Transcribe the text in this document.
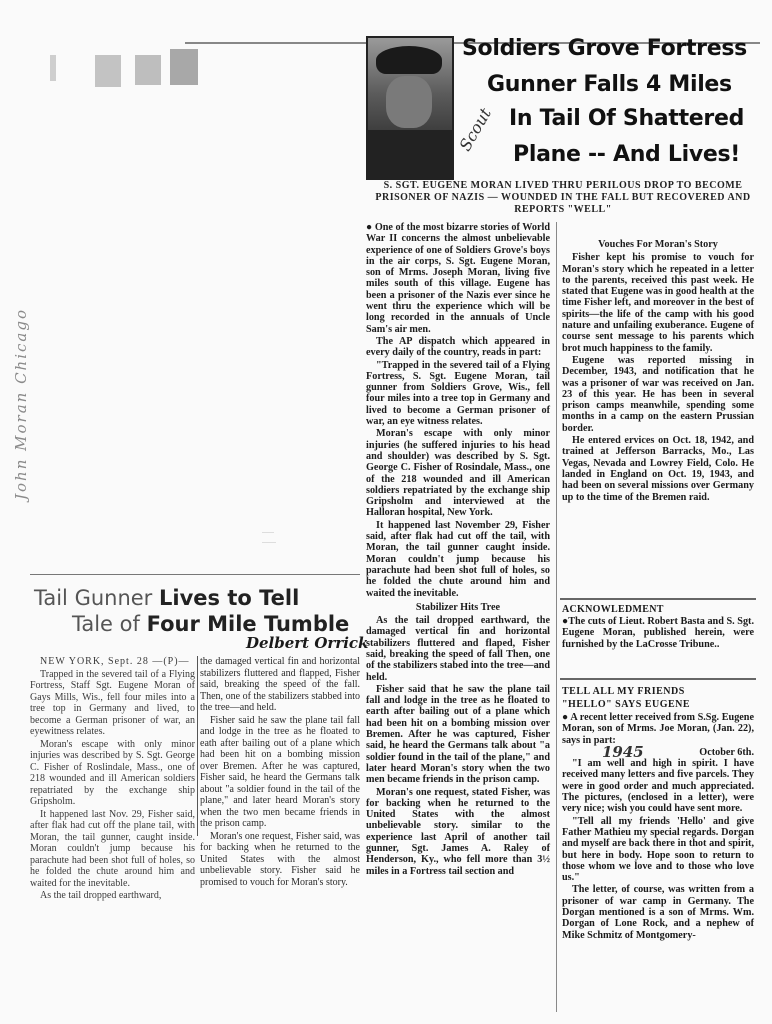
John Moran Chicago
......
.......
Soldiers Grove Fortress
Gunner Falls 4 Miles
In Tail Of Shattered
Plane -- And Lives!
Scout
S. SGT. EUGENE MORAN LIVED THRU PERILOUS DROP TO BECOME PRISONER OF NAZIS — WOUNDED IN THE FALL BUT RECOVERED AND REPORTS "WELL"

● One of the most bizarre stories of World War II concerns the almost unbelievable experience of one of Soldiers Grove's boys in the air corps, S. Sgt. Eugene Moran, son of Mrms. Joseph Moran, living five miles south of this village. Eugene has been a prisoner of the Nazis ever since he went thru the experience which will be long recorded in the annuals of Uncle Sam's air men.

The AP dispatch which appeared in every daily of the country, reads in part:

"Trapped in the severed tail of a Flying Fortress, S. Sgt. Eugene Moran, tail gunner from Soldiers Grove, Wis., fell four miles into a tree top in Germany and lived to become a German prisoner of war, an eye witness relates.

Moran's escape with only minor injuries (he suffered injuries to his head and shoulder) was described by S. Sgt. George C. Fisher of Rosindale, Mass., one of the 218 wounded and ill American soldiers repatriated by the exchange ship Gripsholm and interviewed at the Halloran hospital, New York.

It happened last November 29, Fisher said, after flak had cut off the tail, with Moran, the tail gunner caught inside. Moran couldn't jump because his parachute had been shot full of holes, so he folded the chute around him and waited the inevitable.

Stabilizer Hits Tree

As the tail dropped earthward, the damaged vertical fin and horizontal stabilizers fluttered and flaped, Fisher said, breaking the speed of fall Then, one of the stabilizers stabed into the tree—and held.

Fisher said that he saw the plane tail fall and lodge in the tree as he floated to earth after bailing out of a plane which had been hit on a bombing mission over Bremen. After he was captured, Fisher said, he heard the Germans talk about "a soldier found in the tail of the plane," and later heard Moran's story when the two men became friends in the prison camp.

Moran's one request, stated Fisher, was for backing when he returned to the United States with the almost unbelievable story. similar to the experience last April of another tail gunner, Sgt. James A. Raley of Henderson, Ky., who fell more than 3½ miles in a Fortress tail section and

Vouches For Moran's Story

Fisher kept his promise to vouch for Moran's story which he repeated in a letter to the parents, received this past week. He stated that Eugene was in good health at the time Fisher left, and moreover in the best of spirits—the life of the camp with his good nature and unfailing exuberance. Eugene of course sent message to his parents which brot much happiness to the family.

Eugene was reported missing in December, 1943, and notification that he was a prisoner of war was received on Jan. 23 of this year. He has been in several prison camps meanwhile, spending some months in a camp on the eastern Prussian border.

He entered ervices on Oct. 18, 1942, and trained at Jefferson Barracks, Mo., Las Vegas, Nevada and Lowrey Field, Colo. He landed in England on Oct. 19, 1943, and had been on several missions over Germany up to the time of the Bremen raid.

ACKNOWLEDMENT

●The cuts of Lieut. Robert Basta and S. Sgt. Eugene Moran, published herein, were furnished by the LaCrosse Tribune..

TELL ALL MY FRIENDS

"HELLO" SAYS EUGENE

● A recent letter received from S.Sg. Eugene Moran, son of Mrms. Joe Moran, (Jan. 22), says in part:

1945	October 6th.

"I am well and high in spirit. I have received many letters and five parcels. They were in good order and much appreciated. The pictures, (enclosed in a letter), were very nice; wish you could have sent more.

"Tell all my friends 'Hello' and give Father Mathieu my special regards. Dorgan and myself are back there in thot and spirit, but here in body. Hope soon to return to those whom we love and to those who love us."

The letter, of course, was written from a prisoner of war camp in Germany. The Dorgan mentioned is a son of Mrms. Wm. Dorgan of Lone Rock, and a nephew of Mike Schmitz of Montgomery-

Tail Gunner Lives to Tell
Tale of Four Mile Tumble
Delbert Orrick

NEW YORK, Sept. 28 —(P)—

Trapped in the severed tail of a Flying Fortress, Staff Sgt. Eugene Moran of Gays Mills, Wis., fell four miles into a tree top in Germany and lived, to become a German prisoner of war, an eyewitness relates.

Moran's escape with only minor injuries was described by S. Sgt. George C. Fisher of Roslindale, Mass., one of 218 wounded and ill American soldiers repatriated by the exchange ship Gripsholm.

It happened last Nov. 29, Fisher said, after flak had cut off the plane tail, with Moran, the tail gunner, caught inside. Moran couldn't jump because his parachute had been shot full of holes, so he folded the chute around him and waited for the inevitable.

As the tail dropped earthward,

the damaged vertical fin and horizontal stabilizers fluttered and flapped, Fisher said, breaking the speed of the fall. Then, one of the stabilizers stabbed into the tree—and held.

Fisher said he saw the plane tail fall and lodge in the tree as he floated to eath after bailing out of a plane which had been hit on a bombing mission over Bremen. After he was captured, Fisher said, he heard the Germans talk about "a soldier found in the tail of the plane," and later heard Moran's story when the two men became friends in the prison camp.

Moran's one request, Fisher said, was for backing when he returned to the United States with the almost unbelievable story. Fisher said he promised to vouch for Moran's story.
